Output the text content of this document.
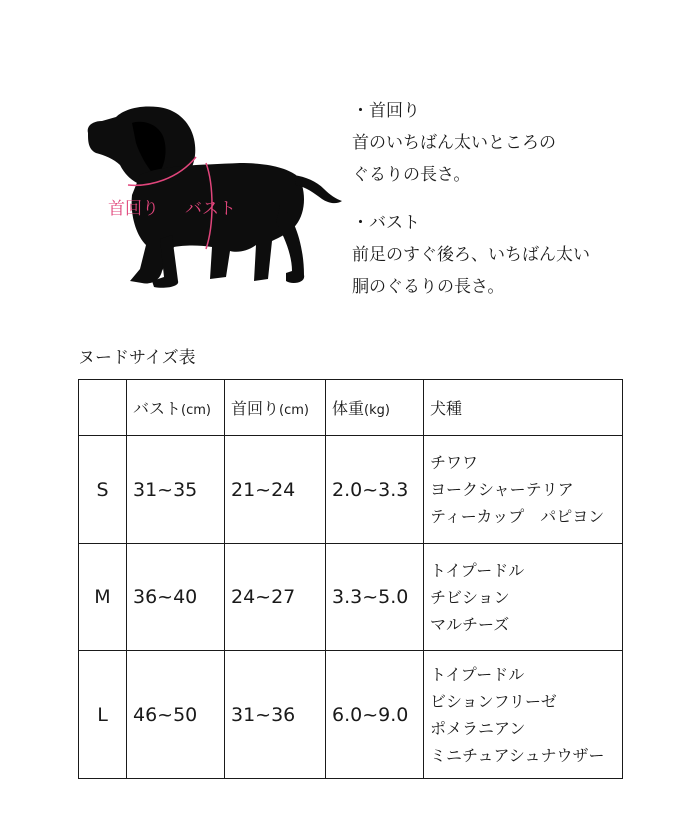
首回り バスト
・首回り
首のいちばん太いところの
ぐるりの長さ。
・バスト
前足のすぐ後ろ、いちばん太い
胴のぐるりの長さ。
ヌードサイズ表
	バスト(cm)	首回り(cm)	体重(kg)	犬種
S	31~35	21~24	2.0~3.3	チワワ
ヨークシャーテリア
ティーカップ　パピヨン

M	36~40	24~27	3.3~5.0	トイプードル
チビション
マルチーズ

L	46~50	31~36	6.0~9.0	トイプードル
ビションフリーゼ
ポメラニアン
ミニチュアシュナウザー
